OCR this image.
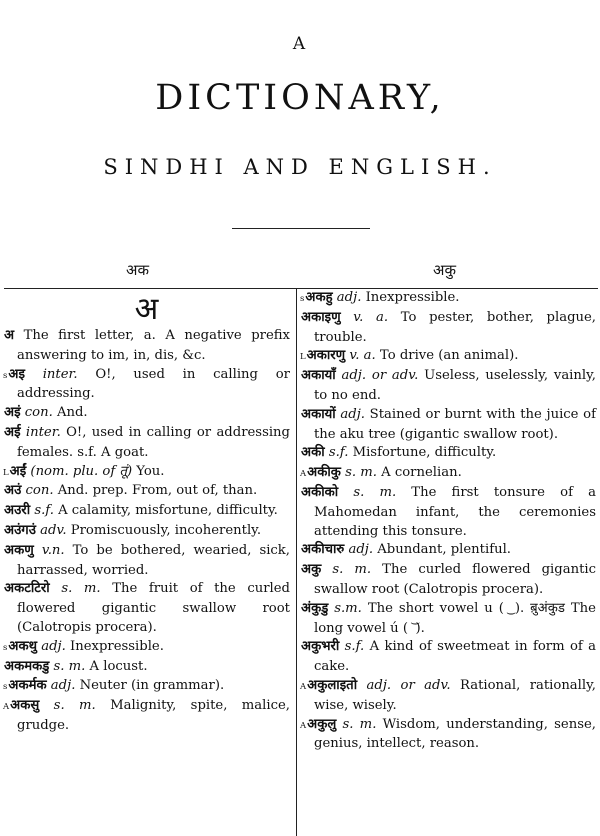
A
DICTIONARY,
SINDHI AND ENGLISH.
अक	अकु
अ
अ The first letter, a. A negative prefix answering to im, in, dis, &c.
sअइ inter. O!, used in calling or addressing.
अइं con. And.
अई inter. O!, used in calling or addressing females. s.f. A goat.
Lअईं (nom. plu. of तूं) You.
अउं con. And. prep. From, out of, than.
अउरी s.f. A calamity, misfortune, difficulty.
अउंगउं adv. Promiscuously, incoherently.
अकणु v.n. To be bothered, wearied, sick, harrassed, worried.
अकटटिरो s. m. The fruit of the curled flowered gigantic swallow root (Calotropis procera).
sअकथु adj. Inexpressible.
अकमकडु s. m. A locust.
sअकर्मक adj. Neuter (in grammar).
Aअकसु s. m. Malignity, spite, malice, grudge.
sअकहु adj. Inexpressible.
अकाइणु v. a. To pester, bother, plague, trouble.
Lअकारणु v. a. To drive (an animal).
अकायाँ adj. or adv. Useless, uselessly, vainly, to no end.
अकायों adj. Stained or burnt with the juice of the aku tree (gigantic swallow root).
अकी s.f. Misfortune, difficulty.
Aअकीकु s. m. A cornelian.
अकीको s. m. The first tonsure of a Mahomedan infant, the ceremonies attending this tonsure.
अकीचारु adj. Abundant, plentiful.
अकु s. m. The curled flowered gigantic swallow root (Calotropis procera).
अंकुडु s.m. The short vowel u ( ͜ ). ब़ुअंकुड The long vowel ú ( ͝ ).
अकुभरी s.f. A kind of sweetmeat in form of a cake.
Aअकुलाइतो adj. or adv. Rational, rationally, wise, wisely.
Aअकुलु s. m. Wisdom, understanding, sense, genius, intellect, reason.
